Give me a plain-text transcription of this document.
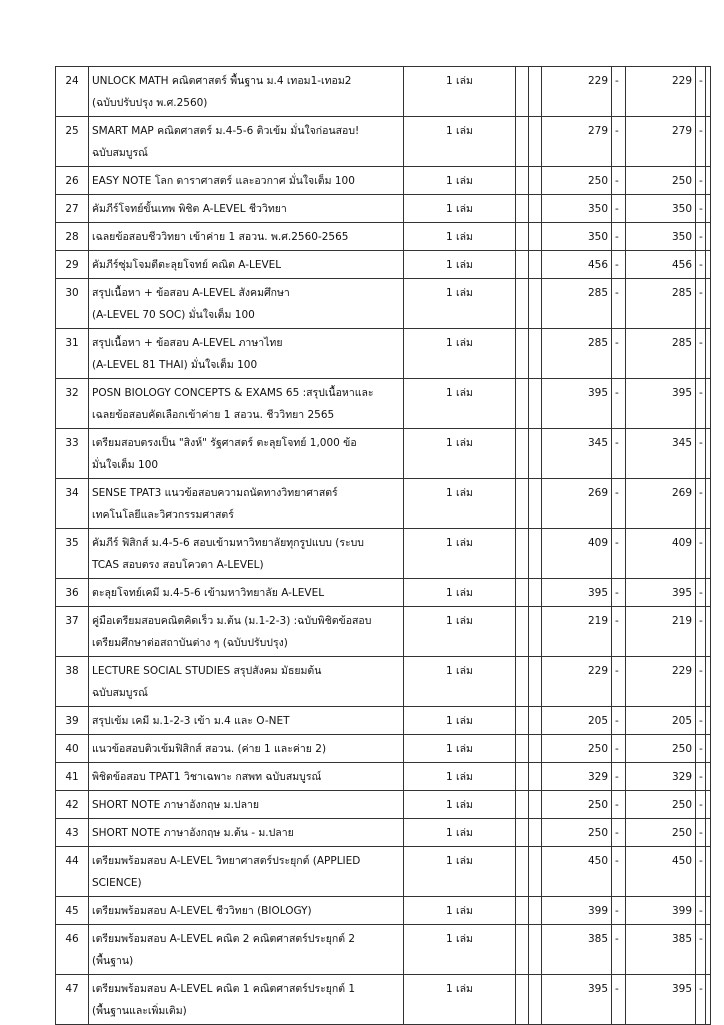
24	UNLOCK MATH คณิตศาสตร์ พื้นฐาน ม.4 เทอม1-เทอม2
(ฉบับปรับปรุง พ.ศ.2560)	1 เล่ม			229	-	229	-	
25	SMART MAP คณิตศาสตร์ ม.4-5-6 ติวเข้ม มั่นใจก่อนสอบ!
ฉบับสมบูรณ์	1 เล่ม			279	-	279	-	
26	EASY NOTE โลก ดาราศาสตร์ และอวกาศ มั่นใจเต็ม 100	1 เล่ม			250	-	250	-	
27	คัมภีร์โจทย์ขั้นเทพ พิชิต A-LEVEL ชีววิทยา	1 เล่ม			350	-	350	-	
28	เฉลยข้อสอบชีววิทยา เข้าค่าย 1 สอวน. พ.ศ.2560-2565	1 เล่ม			350	-	350	-	
29	คัมภีร์ซุ่มโจมตีตะลุยโจทย์ คณิต A-LEVEL	1 เล่ม			456	-	456	-	
30	สรุปเนื้อหา + ข้อสอบ A-LEVEL สังคมศึกษา
(A-LEVEL 70 SOC) มั่นใจเต็ม 100	1 เล่ม			285	-	285	-	
31	สรุปเนื้อหา + ข้อสอบ A-LEVEL ภาษาไทย
(A-LEVEL 81 THAI) มั่นใจเต็ม 100	1 เล่ม			285	-	285	-	
32	POSN BIOLOGY CONCEPTS & EXAMS 65 :สรุปเนื้อหาและ
เฉลยข้อสอบคัดเลือกเข้าค่าย 1 สอวน. ชีววิทยา 2565	1 เล่ม			395	-	395	-	
33	เตรียมสอบตรงเป็น "สิงห์" รัฐศาสตร์ ตะลุยโจทย์ 1,000 ข้อ
มั่นใจเต็ม 100	1 เล่ม			345	-	345	-	
34	SENSE TPAT3 แนวข้อสอบความถนัดทางวิทยาศาสตร์
เทคโนโลยีและวิศวกรรมศาสตร์	1 เล่ม			269	-	269	-	
35	คัมภีร์ ฟิสิกส์ ม.4-5-6 สอบเข้ามหาวิทยาลัยทุกรูปแบบ (ระบบ
TCAS สอบตรง สอบโควตา A-LEVEL)	1 เล่ม			409	-	409	-	
36	ตะลุยโจทย์เคมี ม.4-5-6 เข้ามหาวิทยาลัย A-LEVEL	1 เล่ม			395	-	395	-	
37	คู่มือเตรียมสอบคณิตคิดเร็ว ม.ต้น (ม.1-2-3) :ฉบับพิชิตข้อสอบ
เตรียมศึกษาต่อสถาบันต่าง ๆ (ฉบับปรับปรุง)	1 เล่ม			219	-	219	-	
38	LECTURE SOCIAL STUDIES สรุปสังคม มัธยมต้น
ฉบับสมบูรณ์	1 เล่ม			229	-	229	-	
39	สรุปเข้ม เคมี ม.1-2-3 เข้า ม.4 และ O-NET	1 เล่ม			205	-	205	-	
40	แนวข้อสอบติวเข้มฟิสิกส์ สอวน. (ค่าย 1 และค่าย 2)	1 เล่ม			250	-	250	-	
41	พิชิตข้อสอบ TPAT1 วิชาเฉพาะ กสพท ฉบับสมบูรณ์	1 เล่ม			329	-	329	-	
42	SHORT NOTE ภาษาอังกฤษ ม.ปลาย	1 เล่ม			250	-	250	-	
43	SHORT NOTE ภาษาอังกฤษ ม.ต้น - ม.ปลาย	1 เล่ม			250	-	250	-	
44	เตรียมพร้อมสอบ A-LEVEL วิทยาศาสตร์ประยุกต์ (APPLIED
SCIENCE)	1 เล่ม			450	-	450	-	
45	เตรียมพร้อมสอบ A-LEVEL ชีววิทยา (BIOLOGY)	1 เล่ม			399	-	399	-	
46	เตรียมพร้อมสอบ A-LEVEL คณิต 2 คณิตศาสตร์ประยุกต์ 2
(พื้นฐาน)	1 เล่ม			385	-	385	-	
47	เตรียมพร้อมสอบ A-LEVEL คณิต 1 คณิตศาสตร์ประยุกต์ 1
(พื้นฐานและเพิ่มเติม)	1 เล่ม			395	-	395	-	
